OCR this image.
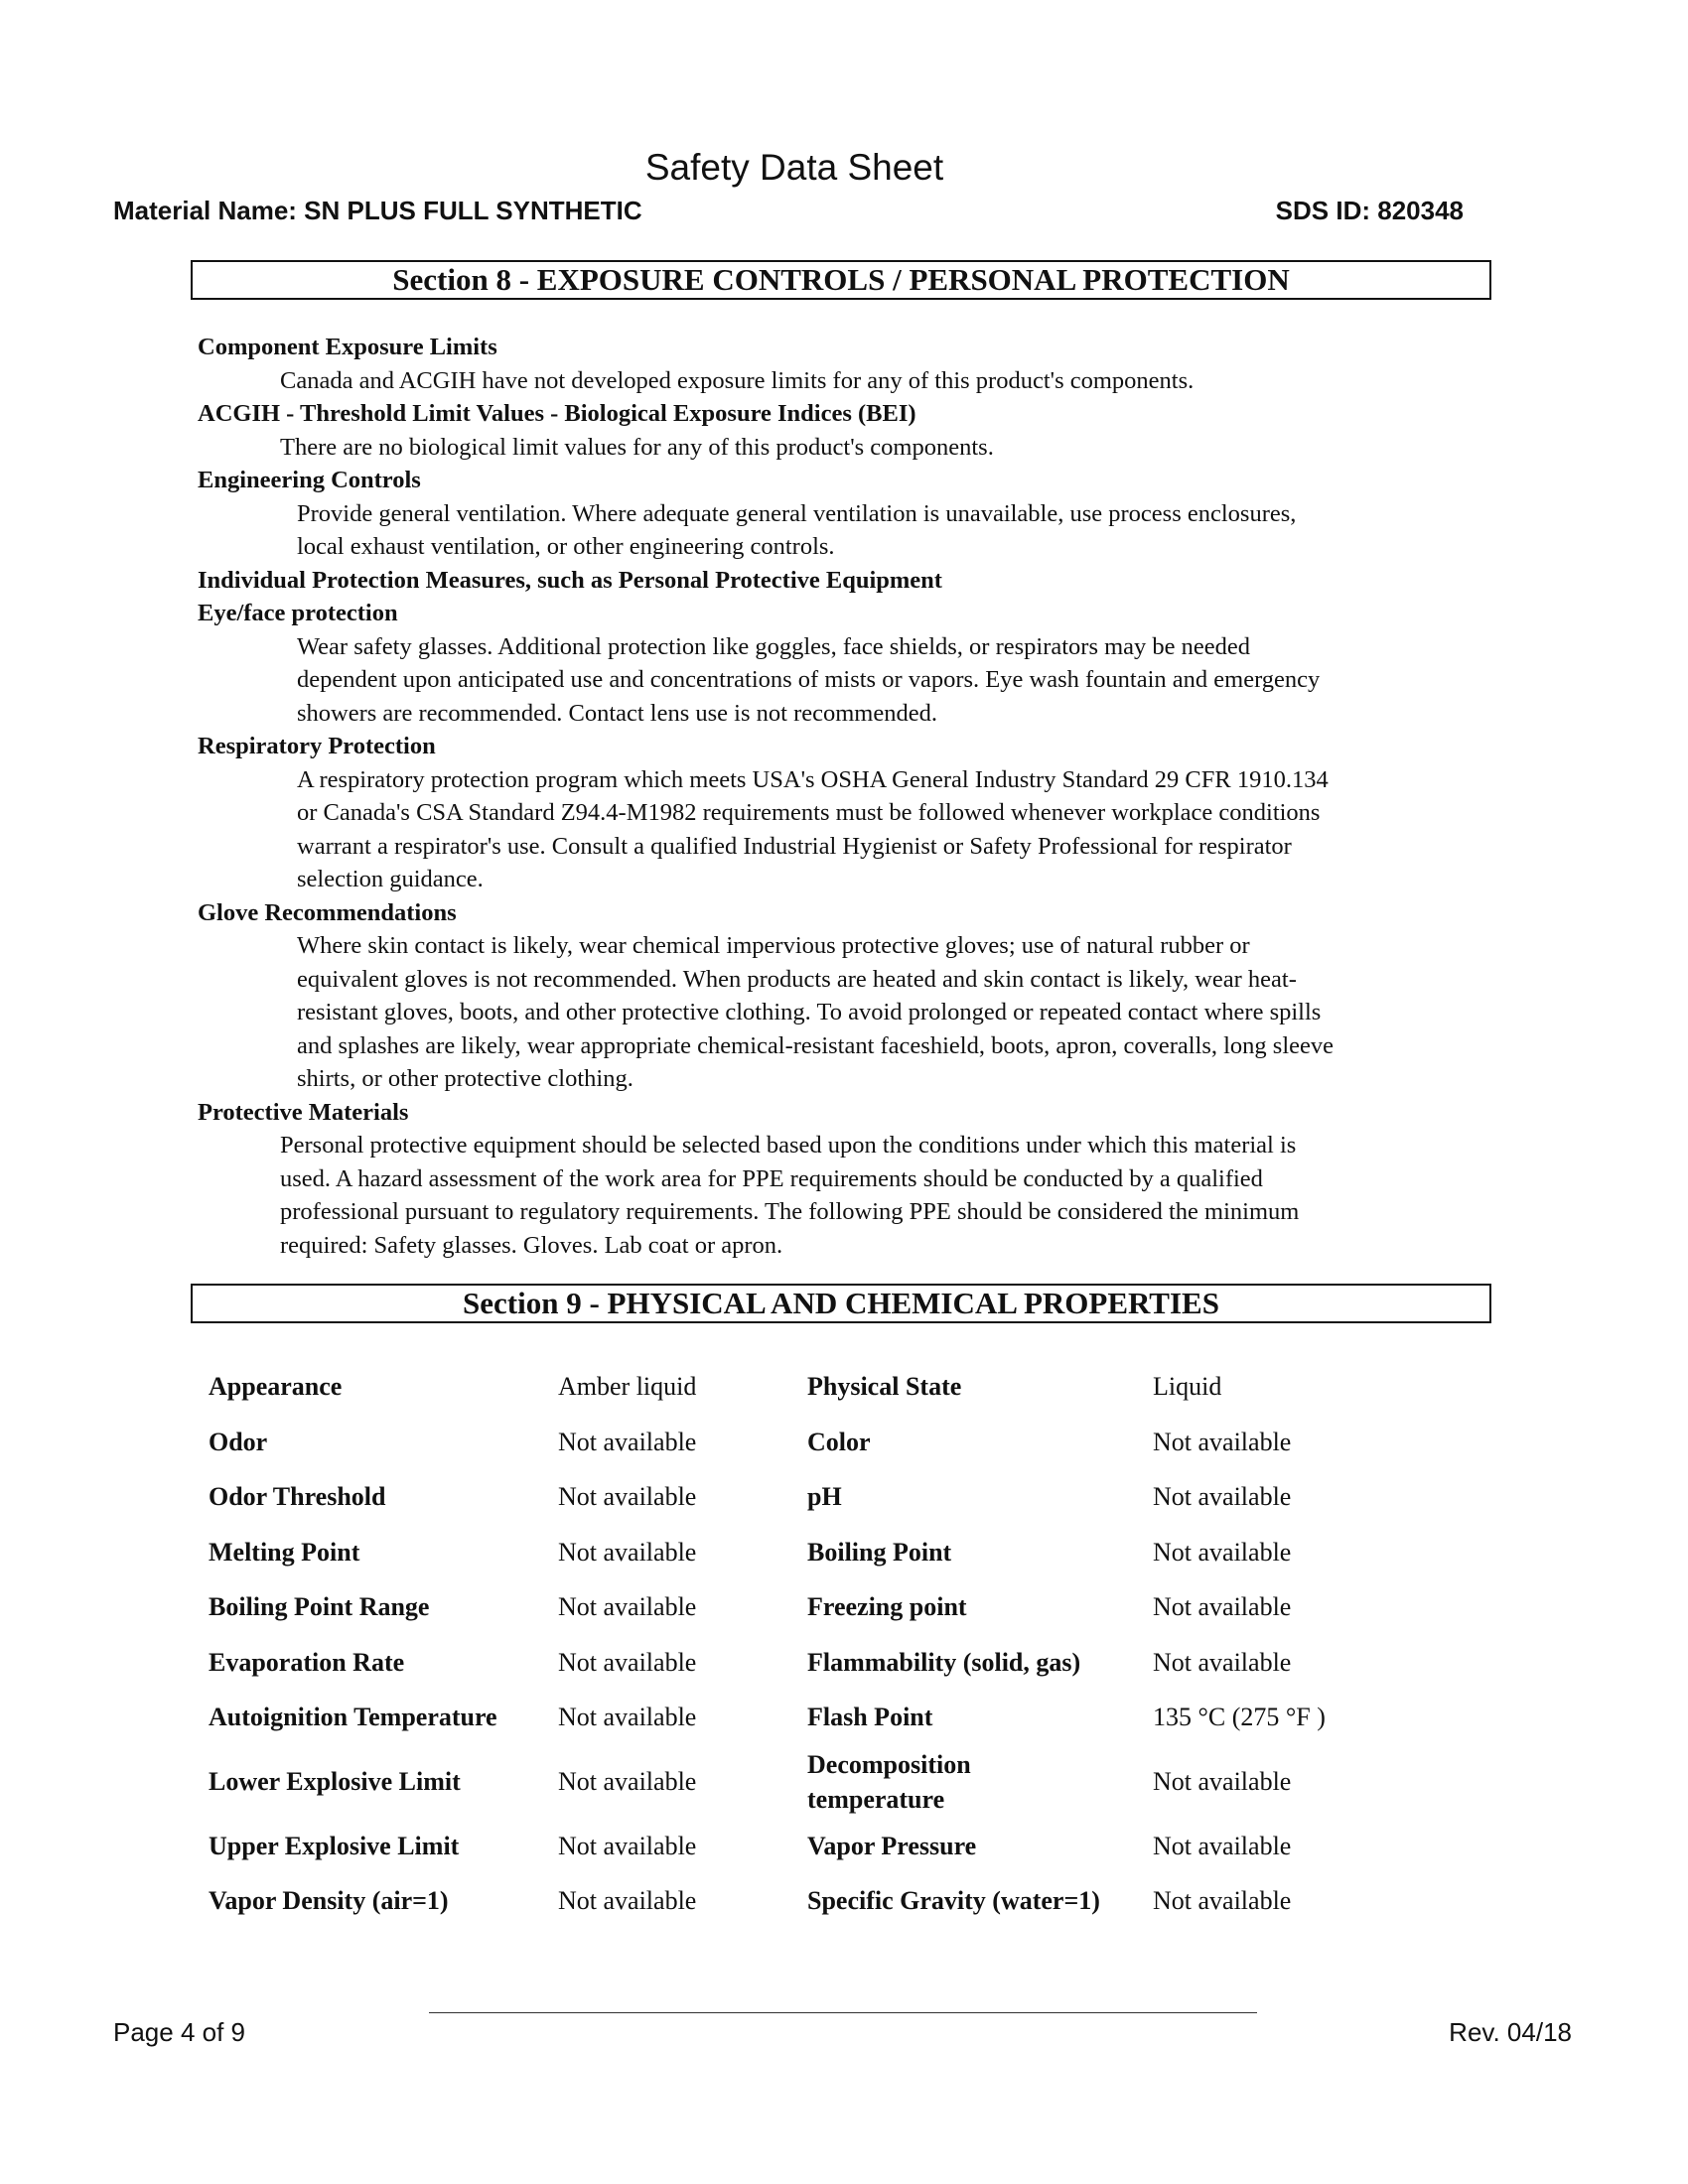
Safety Data Sheet
Material Name: SN PLUS FULL SYNTHETIC	SDS ID: 820348
Section 8 - EXPOSURE CONTROLS / PERSONAL PROTECTION

Component Exposure Limits

Canada and ACGIH have not developed exposure limits for any of this product's components.

ACGIH - Threshold Limit Values - Biological Exposure Indices (BEI)

There are no biological limit values for any of this product's components.

Engineering Controls

Provide general ventilation. Where adequate general ventilation is unavailable, use process enclosures,

local exhaust ventilation, or other engineering controls.

Individual Protection Measures, such as Personal Protective Equipment

Eye/face protection

Wear safety glasses. Additional protection like goggles, face shields, or respirators may be needed

dependent upon anticipated use and concentrations of mists or vapors. Eye wash fountain and emergency

showers are recommended. Contact lens use is not recommended.

Respiratory Protection

A respiratory protection program which meets USA's OSHA General Industry Standard 29 CFR 1910.134

or Canada's CSA Standard Z94.4-M1982 requirements must be followed whenever workplace conditions

warrant a respirator's use. Consult a qualified Industrial Hygienist or Safety Professional for respirator

selection guidance.

Glove Recommendations

Where skin contact is likely, wear chemical impervious protective gloves; use of natural rubber or

equivalent gloves is not recommended. When products are heated and skin contact is likely, wear heat-

resistant gloves, boots, and other protective clothing. To avoid prolonged or repeated contact where spills

and splashes are likely, wear appropriate chemical-resistant faceshield, boots, apron, coveralls, long sleeve

shirts, or other protective clothing.

Protective Materials

Personal protective equipment should be selected based upon the conditions under which this material is

used. A hazard assessment of the work area for PPE requirements should be conducted by a qualified

professional pursuant to regulatory requirements. The following PPE should be considered the minimum

required: Safety glasses. Gloves. Lab coat or apron.

Section 9 - PHYSICAL AND CHEMICAL PROPERTIES
Appearance	Amber liquid	Physical State	Liquid
Odor	Not available	Color	Not available
Odor Threshold	Not available	pH	Not available
Melting Point	Not available	Boiling Point	Not available
Boiling Point Range	Not available	Freezing point	Not available
Evaporation Rate	Not available	Flammability (solid, gas)	Not available
Autoignition Temperature	Not available	Flash Point	135 °C (275 °F )
Lower Explosive Limit	Not available	Decomposition
temperature	Not available
Upper Explosive Limit	Not available	Vapor Pressure	Not available
Vapor Density (air=1)	Not available	Specific Gravity (water=1)	Not available
Page 4 of 9	Rev. 04/18
